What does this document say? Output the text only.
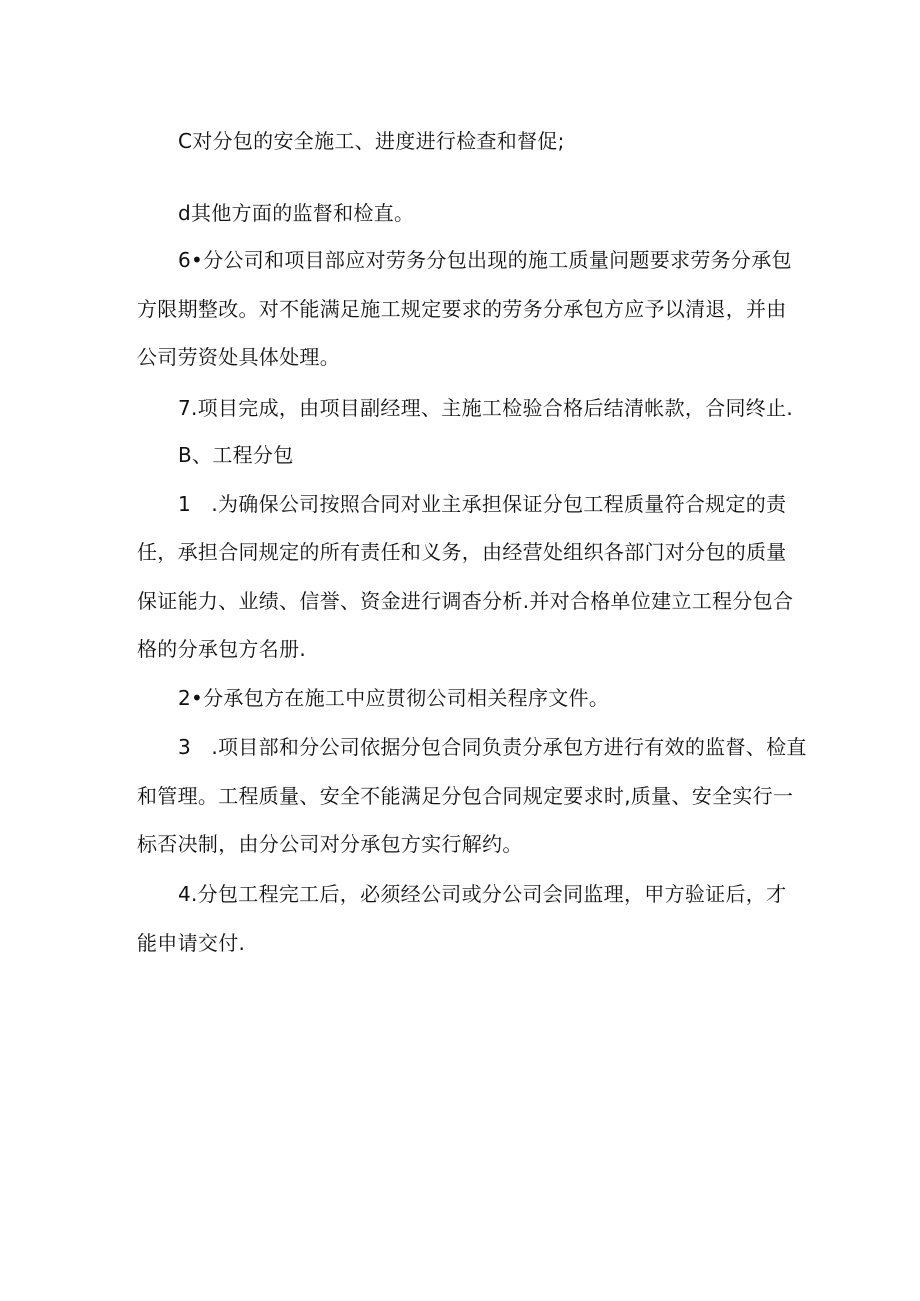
C对分包的安全施工、进度进行检查和督促;

d其他方面的监督和检直。

6•分公司和项目部应对劳务分包出现的施工质量问题要求劳务分承包

方限期整改。对不能满足施工规定要求的劳务分承包方应予以清退，并由

公司劳资处具体处理。

7.项目完成，由项目副经理、主施工检验合格后结清帐款，合同终止.

B、工程分包

1　.为确保公司按照合同对业主承担保证分包工程质量符合规定的责

任，承担合同规定的所有责任和义务，由经营处组织各部门对分包的质量

保证能力、业绩、信誉、资金进行调杳分析.并对合格单位建立工程分包合

格的分承包方名册.

2•分承包方在施工中应贯彻公司相关程序文件。

3　.项目部和分公司依据分包合同负责分承包方进行有效的监督、检直

和管理。工程质量、安全不能满足分包合同规定要求时,质量、安全实行一

标否决制，由分公司对分承包方实行解约。

4.分包工程完工后，必须经公司或分公司会同监理，甲方验证后，才

能申请交付.
